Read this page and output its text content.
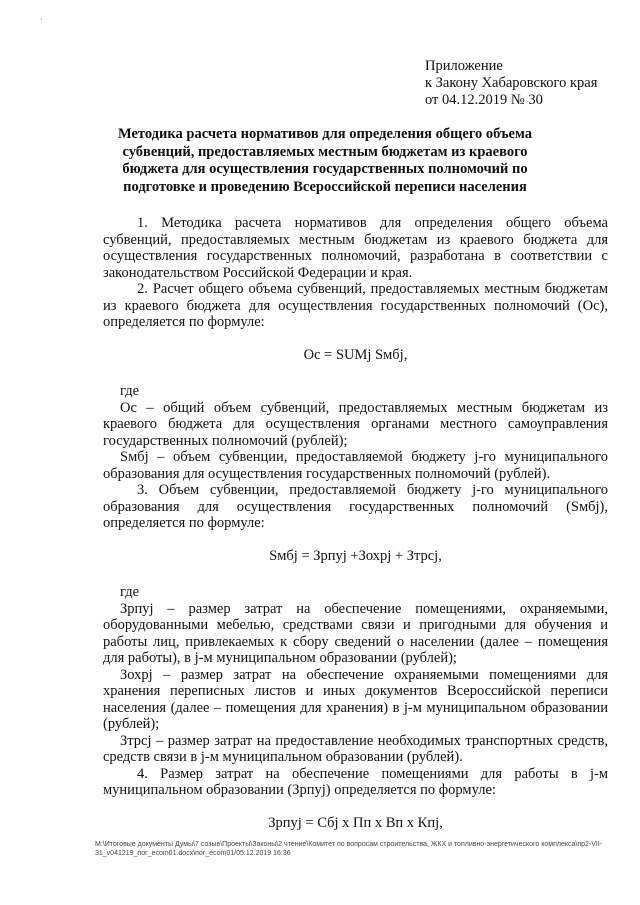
·
Приложение
к Закону Хабаровского края
от 04.12.2019 № 30
Методика расчета нормативов для определения общего объема субвенций, предоставляемых местным бюджетам из краевого бюджета для осуществления государственных полномочий по подготовке и проведению Всероссийской переписи населения

1. Методика расчета нормативов для определения общего объема субвенций, предоставляемых местным бюджетам из краевого бюджета для осуществления государственных полномочий, разработана в соответствии с законодательством Российской Федерации и края.

2. Расчет общего объема субвенций, предоставляемых местным бюджетам из краевого бюджета для осуществления государственных полномочий (Оc), определяется по формуле:

Оc = SUMj Sмбj,

где

Оc – общий объем субвенций, предоставляемых местным бюджетам из краевого бюджета для осуществления органами местного самоуправления государственных полномочий (рублей);

Sмбj – объем субвенции, предоставляемой бюджету j-го муниципального образования для осуществления государственных полномочий (рублей).

3. Объем субвенции, предоставляемой бюджету j-го муниципального образования для осуществления государственных полномочий (Sмбj), определяется по формуле:

Sмбj = Зрпуj +Зохрj + Зтрсj,

где

Зрпуj – размер затрат на обеспечение помещениями, охраняемыми, оборудованными мебелью, средствами связи и пригодными для обучения и работы лиц, привлекаемых к сбору сведений о населении (далее – помещения для работы), в j-м муниципальном образовании (рублей);

Зохрj – размер затрат на обеспечение охраняемыми помещениями для хранения переписных листов и иных документов Всероссийской переписи населения (далее – помещения для хранения) в j-м муниципальном образовании (рублей);

Зтрсj – размер затрат на предоставление необходимых транспортных средств, средств связи в j-м муниципальном образовании (рублей).

4. Размер затрат на обеспечение помещениями для работы в j-м муниципальном образовании (Зрпуj) определяется по формуле:

Зрпуj = Сбj х Пп х Вп х Кпj,

M:\Итоговые документы Думы\7 созыв\Проекты\Законы\2 чтение\Комитет по вопросам строительства, ЖКХ и топливно-энергетического комплекса\пр2-VII-31_v041219_пог_ecom01.docx\пог_ecom01/05.12.2019 16:36
